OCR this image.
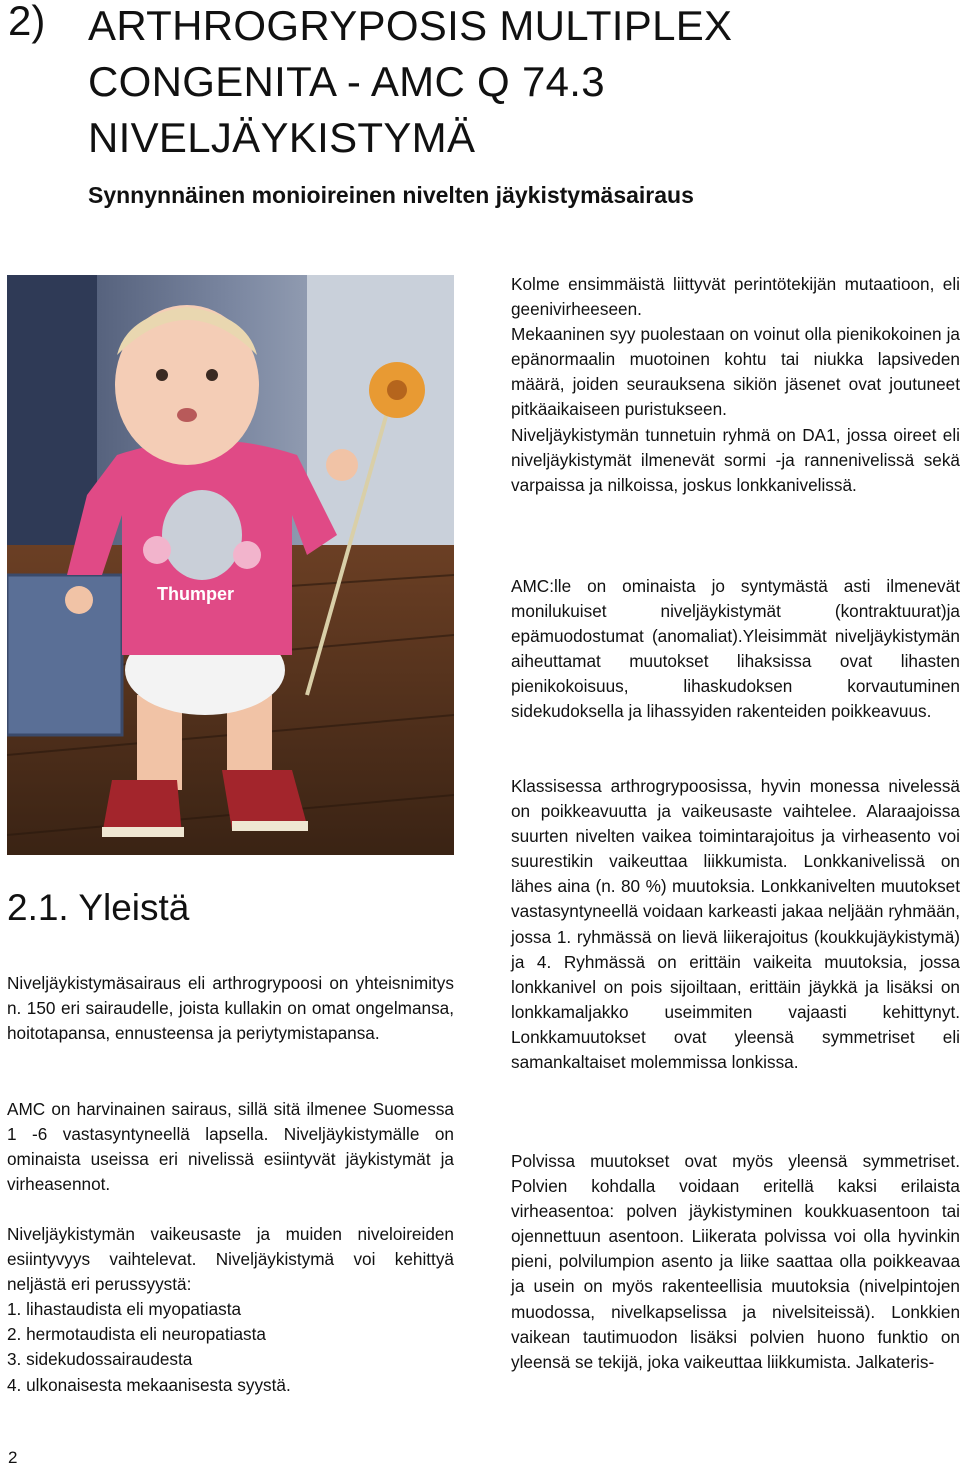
2) ARTHROGRYPOSIS MULTIPLEX
CONGENITA - AMC Q 74.3
NIVELJÄYKISTYMÄ
Synnynnäinen monioireinen nivelten jäykistymäsairaus
Thumper

Kolme ensimmäistä liittyvät perintötekijän mutaatioon, eli geenivirheeseen.

Mekaaninen syy puolestaan on voinut olla pienikokoinen ja epänormaalin muotoinen kohtu tai niukka lapsiveden määrä, joiden seurauksena sikiön jäsenet ovat joutuneet pitkäaikaiseen puristukseen.

Niveljäykistymän tunnetuin ryhmä on DA1, jossa oireet eli niveljäykistymät ilmenevät sormi -ja rannenivelissä sekä varpaissa ja nilkoissa, joskus lonkkanivelissä.

AMC:lle on ominaista jo syntymästä asti ilmenevät monilukuiset niveljäykistymät (kontraktuurat)ja epämuodostumat (anomaliat).Yleisimmät niveljäykistymän aiheuttamat muutokset lihaksissa ovat lihasten pienikokoisuus, lihaskudoksen korvautuminen sidekudoksella ja lihassyiden rakenteiden poikkeavuus.

Klassisessa arthrogrypoosissa, hyvin monessa nivelessä on poikkeavuutta ja vaikeusaste vaihtelee. Alaraajoissa suurten nivelten vaikea toimintarajoitus ja virheasento voi suurestikin vaikeuttaa liikkumista. Lonkkanivelissä on lähes aina (n. 80 %) muutoksia. Lonkkanivelten muutokset vastasyntyneellä voidaan karkeasti jakaa neljään ryhmään, jossa 1. ryhmässä on lievä liikerajoitus (koukkujäykistymä) ja 4. Ryhmässä on erittäin vaikeita muutoksia, jossa lonkkanivel on pois sijoiltaan, erittäin jäykkä ja lisäksi on lonkkamaljakko useimmiten vajaasti kehittynyt. Lonkkamuutokset ovat yleensä symmetriset eli samankaltaiset molemmissa lonkissa.

Polvissa muutokset ovat myös yleensä symmetriset. Polvien kohdalla voidaan eritellä kaksi erilaista virheasentoa: polven jäykistyminen koukkuasentoon tai ojennettuun asentoon. Liikerata polvissa voi olla hyvinkin pieni, polvilumpion asento ja liike saattaa olla poikkeavaa ja usein on myös rakenteellisia muutoksia (nivelpintojen muodossa, nivelkapselissa ja nivelsiteissä). Lonkkien vaikean tautimuodon lisäksi polvien huono funktio on yleensä se tekijä, joka vaikeuttaa liikkumista. Jalkateris-

2.1. Yleistä

Niveljäykistymäsairaus eli arthrogrypoosi on yhteisnimitys n. 150 eri sairaudelle, joista kullakin on omat ongelmansa, hoitotapansa, ennusteensa ja periytymistapansa.

AMC on harvinainen sairaus, sillä sitä ilmenee Suomessa 1 -6 vastasyntyneellä lapsella. Niveljäykistymälle on ominaista useissa eri nivelissä esiintyvät jäykistymät ja virheasennot.

Niveljäykistymän vaikeusaste ja muiden niveloireiden esiintyvyys vaihtelevat. Niveljäykistymä voi kehittyä neljästä eri perussyystä:

1. lihastaudista eli myopatiasta
2. hermotaudista eli neuropatiasta
3. sidekudossairaudesta
4. ulkonaisesta mekaanisesta syystä.
2
